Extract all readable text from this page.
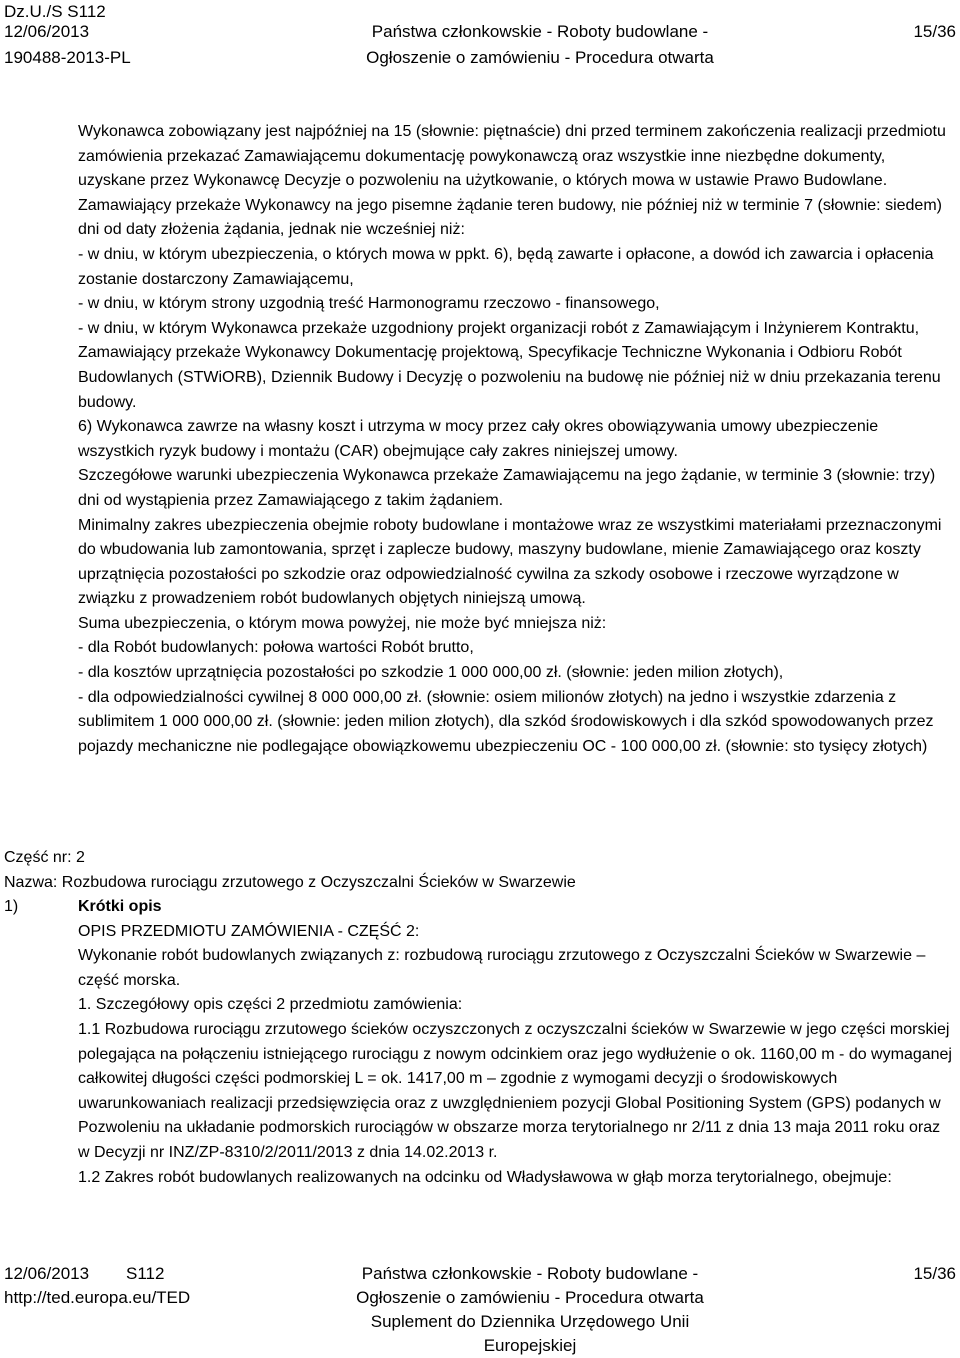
Dz.U./S S112
12/06/2013
190488-2013-PL
Państwa członkowskie - Roboty budowlane -
Ogłoszenie o zamówieniu - Procedura otwarta
15/36

Wykonawca zobowiązany jest najpóźniej na 15 (słownie: piętnaście) dni przed terminem zakończenia realizacji przedmiotu zamówienia przekazać Zamawiającemu dokumentację powykonawczą oraz wszystkie inne niezbędne dokumenty, uzyskane przez Wykonawcę Decyzje o pozwoleniu na użytkowanie, o których mowa w ustawie Prawo Budowlane.

Zamawiający przekaże Wykonawcy na jego pisemne żądanie teren budowy, nie później niż w terminie 7 (słownie: siedem) dni od daty złożenia żądania, jednak nie wcześniej niż:

- w dniu, w którym ubezpieczenia, o których mowa w ppkt. 6), będą zawarte i opłacone, a dowód ich zawarcia i opłacenia zostanie dostarczony Zamawiającemu,

- w dniu, w którym strony uzgodnią treść Harmonogramu rzeczowo - finansowego,

- w dniu, w którym Wykonawca przekaże uzgodniony projekt organizacji robót z Zamawiającym i Inżynierem Kontraktu,

Zamawiający przekaże Wykonawcy Dokumentację projektową, Specyfikacje Techniczne Wykonania i Odbioru Robót Budowlanych (STWiORB), Dziennik Budowy i Decyzję o pozwoleniu na budowę nie później niż w dniu przekazania terenu budowy.

6) Wykonawca zawrze na własny koszt i utrzyma w mocy przez cały okres obowiązywania umowy ubezpieczenie wszystkich ryzyk budowy i montażu (CAR) obejmujące cały zakres niniejszej umowy.

Szczegółowe warunki ubezpieczenia Wykonawca przekaże Zamawiającemu na jego żądanie, w terminie 3 (słownie: trzy) dni od wystąpienia przez Zamawiającego z takim żądaniem.

Minimalny zakres ubezpieczenia obejmie roboty budowlane i montażowe wraz ze wszystkimi materiałami przeznaczonymi do wbudowania lub zamontowania, sprzęt i zaplecze budowy, maszyny budowlane, mienie Zamawiającego oraz koszty uprzątnięcia pozostałości po szkodzie oraz odpowiedzialność cywilna za szkody osobowe i rzeczowe wyrządzone w związku z prowadzeniem robót budowlanych objętych niniejszą umową.

Suma ubezpieczenia, o którym mowa powyżej, nie może być mniejsza niż:

- dla Robót budowlanych: połowa wartości Robót brutto,

- dla kosztów uprzątnięcia pozostałości po szkodzie 1 000 000,00 zł. (słownie: jeden milion złotych),

- dla odpowiedzialności cywilnej 8 000 000,00 zł. (słownie: osiem milionów złotych) na jedno i wszystkie zdarzenia z sublimitem 1 000 000,00 zł. (słownie: jeden milion złotych), dla szkód środowiskowych i dla szkód spowodowanych przez pojazdy mechaniczne nie podlegające obowiązkowemu ubezpieczeniu OC - 100 000,00 zł. (słownie: sto tysięcy złotych)

Część nr: 2
Nazwa: Rozbudowa rurociągu zrzutowego z Oczyszczalni Ścieków w Swarzewie
1)	Krótki opis

OPIS PRZEDMIOTU ZAMÓWIENIA - CZĘŚĆ 2:

Wykonanie robót budowlanych związanych z: rozbudową rurociągu zrzutowego z Oczyszczalni Ścieków w Swarzewie – część morska.

1. Szczegółowy opis części 2 przedmiotu zamówienia:

1.1 Rozbudowa rurociągu zrzutowego ścieków oczyszczonych z oczyszczalni ścieków w Swarzewie w jego części morskiej polegająca na połączeniu istniejącego rurociągu z nowym odcinkiem oraz jego wydłużenie o ok. 1160,00 m - do wymaganej całkowitej długości części podmorskiej L = ok. 1417,00 m – zgodnie z wymogami decyzji o środowiskowych uwarunkowaniach realizacji przedsięwzięcia oraz z uwzględnieniem pozycji Global Positioning System (GPS) podanych w Pozwoleniu na układanie podmorskich rurociągów w obszarze morza terytorialnego nr 2/11 z dnia 13 maja 2011 roku oraz w Decyzji nr INZ/ZP-8310/2/2011/2013 z dnia 14.02.2013 r.

1.2 Zakres robót budowlanych realizowanych na odcinku od Władysławowa w głąb morza terytorialnego, obejmuje:

12/06/2013 S112
http://ted.europa.eu/TED
Państwa członkowskie - Roboty budowlane -
Ogłoszenie o zamówieniu - Procedura otwarta
Suplement do Dziennika Urzędowego Unii Europejskiej
15/36
